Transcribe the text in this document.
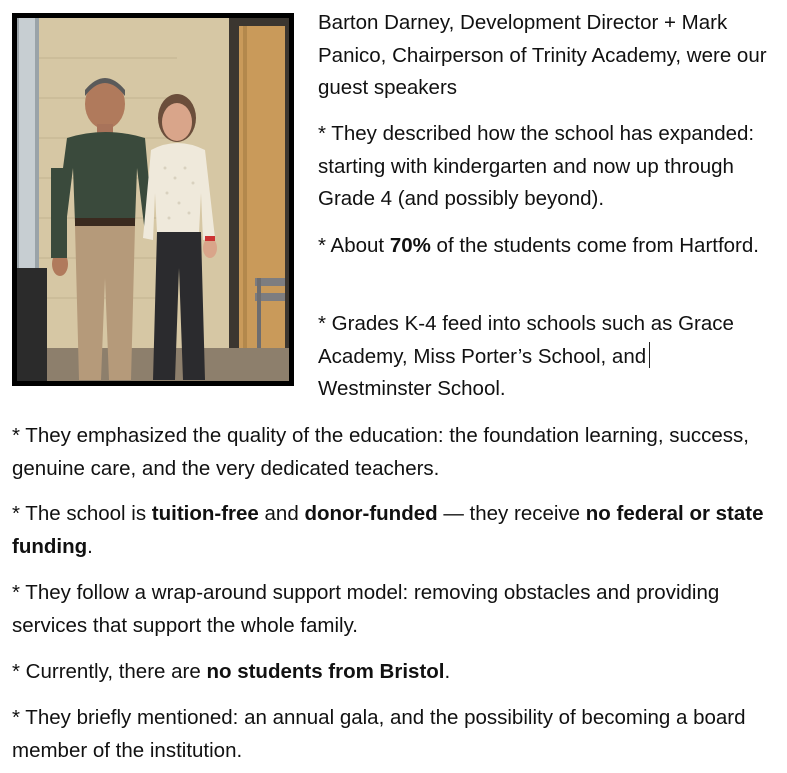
Barton Darney, Development Director + Mark Panico, Chairperson of Trinity Academy, were our guest speakers

* They described how the school has expanded: starting with kindergarten and now up through Grade 4 (and possibly beyond).

* About 70% of the students come from Hartford.

* Grades K-4 feed into schools such as Grace Academy, Miss Porter’s School, and
Westminster School.

* They emphasized the quality of the education: the foundation learning, success, genuine care, and the very dedicated teachers.

* The school is tuition-free and donor-funded — they receive no federal or state funding.

* They follow a wrap-around support model: removing obstacles and providing services that support the whole family.

* Currently, there are no students from Bristol.

* They briefly mentioned: an annual gala, and the possibility of becoming a board member of the institution.
